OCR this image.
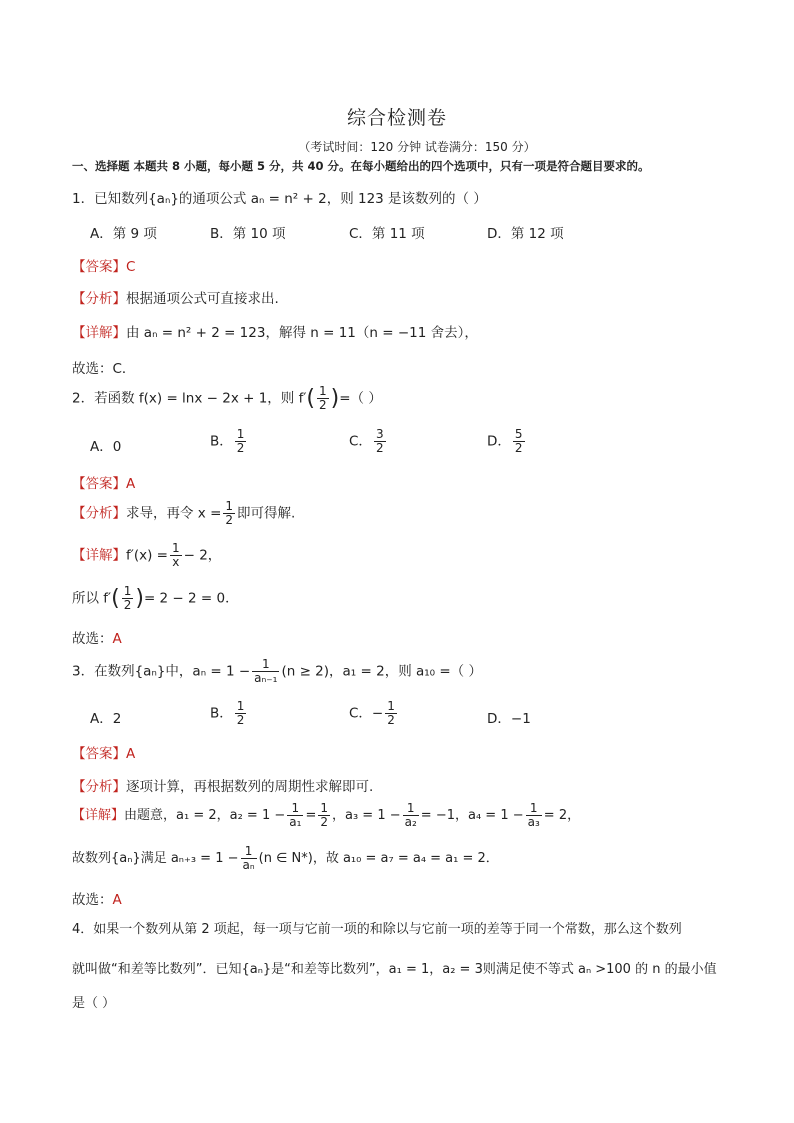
综合检测卷
（考试时间：120 分钟 试卷满分：150 分）
一、选择题 本题共 8 小题，每小题 5 分，共 40 分。在每小题给出的四个选项中，只有一项是符合题目要求的。
1．已知数列{aₙ}的通项公式 aₙ = n² + 2，则 123 是该数列的（ ）
A．第 9 项	B．第 10 项	C．第 11 项	D．第 12 项
【答案】C
【分析】根据通项公式可直接求出.
【详解】由 aₙ = n² + 2 = 123，解得 n = 11（n = −11 舍去），
故选：C．
2．若函数 f(x) = lnx − 2x + 1，则 $f'( \frac{1}{2}$ )=（ ）
A．0	B． $\frac{1}{2}$	C． $\frac{3}{2}$	D． $\frac{5}{2}$
【答案】A
【分析】求导，再令 $x = \frac{1}{2}$ 即可得解.
【详解】$f'(x) = \frac{1}{x} - 2$，
所以 $f'( \frac{1}{2}$ )= 2 − 2 = 0．
故选：A
3．在数列{aₙ}中，$a_n = 1 - \frac{1}{\text{aₙ₋₁}} (n \ge 2)$，a₁ = 2，则 a₁₀ =（ ）
A．2	B． $\frac{1}{2}$	C．− $\frac{1}{2}$	D．−1
【答案】A
【分析】逐项计算，再根据数列的周期性求解即可.
【详解】由题意，a₁ = 2，$a_2 = 1 - \frac{1}{\text{a₁}} = \frac{1}{2}$ ，$a_3 = 1 - \frac{1}{\text{a₂}} = -1$，$a_4 = 1 - \frac{1}{\text{a₃}} = 2$，
故数列{aₙ}满足 $a_{n+3} = 1 - \frac{1}{\text{aₙ}} (n$ ∈ N*)，故 a₁₀ = a₇ = a₄ = a₁ = 2．
故选：A
4．如果一个数列从第 2 项起，每一项与它前一项的和除以与它前一项的差等于同一个常数，那么这个数列
就叫做“和差等比数列”．已知{aₙ}是“和差等比数列”，a₁ = 1，a₂ = 3则满足使不等式 aₙ >100 的 n 的最小值
是（ ）
